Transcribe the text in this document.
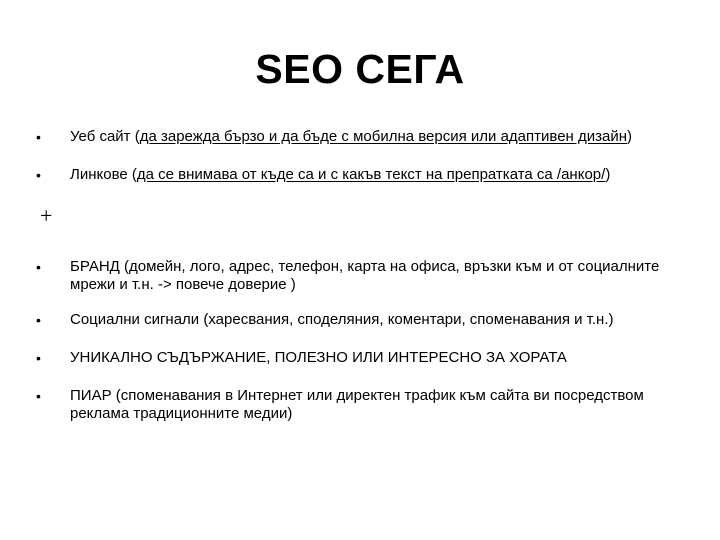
SEO СЕГА
• Уеб сайт (да зарежда бързо и да бъде с мобилна версия или адаптивен дизайн)
• Линкове (да се внимава от къде са и с какъв текст на препратката са /анкор/)
+
• БРАНД (домейн, лого, адрес, телефон, карта на офиса, връзки към и от социалните мрежи и т.н. -> повече доверие )
• Социални сигнали (харесвания, споделяния, коментари, споменавания и т.н.)
• УНИКАЛНО СЪДЪРЖАНИЕ, ПОЛЕЗНО ИЛИ ИНТЕРЕСНО ЗА ХОРАТА
• ПИАР (споменавания в Интернет или директен трафик към сайта ви посредством реклама традиционните медии)
